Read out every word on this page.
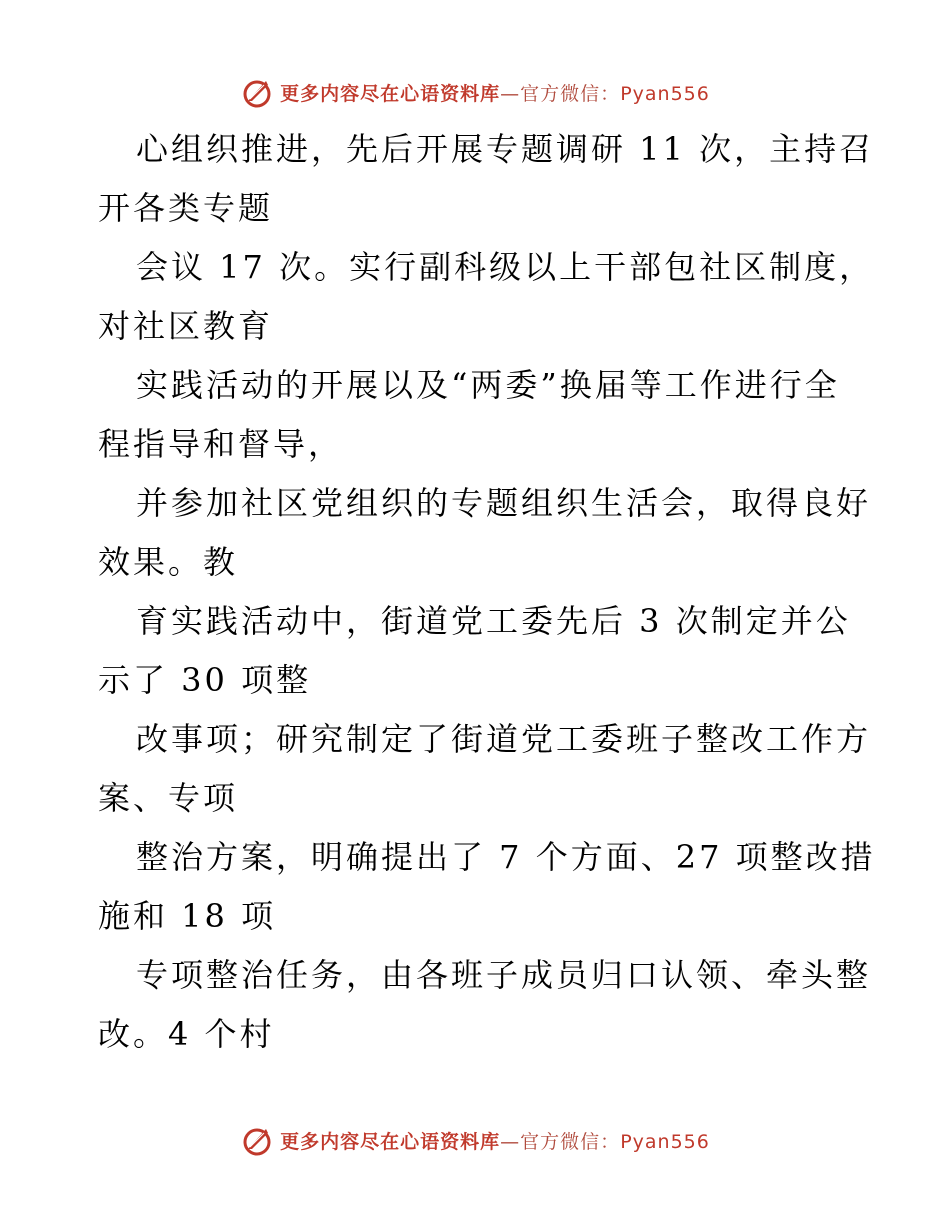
更多内容尽在心语资料库—官方微信：Pyan556
心组织推进，先后开展专题调研 11 次，主持召
开各类专题
会议 17 次。实行副科级以上干部包社区制度，
对社区教育
实践活动的开展以及“两委”换届等工作进行全
程指导和督导，
并参加社区党组织的专题组织生活会，取得良好
效果。教
育实践活动中，街道党工委先后 3 次制定并公
示了 30 项整
改事项；研究制定了街道党工委班子整改工作方
案、专项
整治方案，明确提出了 7 个方面、27 项整改措
施和 18 项
专项整治任务，由各班子成员归口认领、牵头整
改。4 个村
更多内容尽在心语资料库—官方微信：Pyan556
